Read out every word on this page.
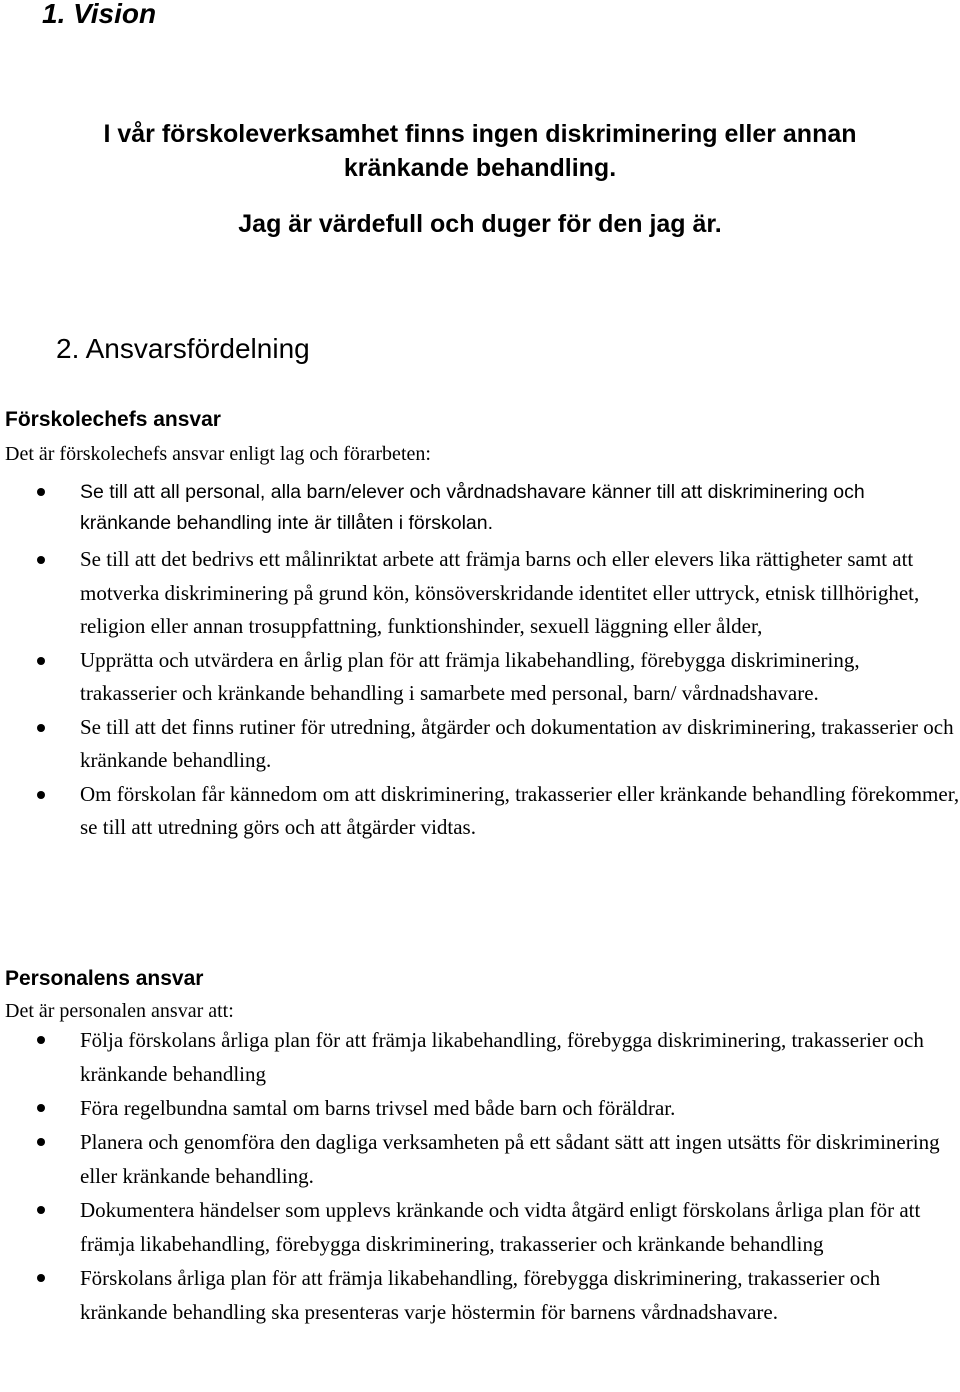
1. Vision
I vår förskoleverksamhet finns ingen diskriminering eller annan
kränkande behandling.
Jag är värdefull och duger för den jag är.
2. Ansvarsfördelning
Förskolechefs ansvar

Det är förskolechefs ansvar enligt lag och förarbeten:

Se till att all personal, alla barn/elever och vårdnadshavare känner till att diskriminering och kränkande behandling inte är tillåten i förskolan.
Se till att det bedrivs ett målinriktat arbete att främja barns och eller elevers lika rättigheter samt att motverka diskriminering på grund kön, könsöverskridande identitet eller uttryck, etnisk tillhörighet, religion eller annan trosuppfattning, funktionshinder, sexuell läggning eller ålder,
Upprätta och utvärdera en årlig plan för att främja likabehandling, förebygga diskriminering, trakasserier och kränkande behandling i samarbete med personal, barn/ vårdnadshavare.
Se till att det finns rutiner för utredning, åtgärder och dokumentation av diskriminering, trakasserier och kränkande behandling.
Om förskolan får kännedom om att diskriminering, trakasserier eller kränkande behandling förekommer, se till att utredning görs och att åtgärder vidtas.
Personalens ansvar

Det är personalen ansvar att:

Följa förskolans årliga plan för att främja likabehandling, förebygga diskriminering, trakasserier och kränkande behandling
Föra regelbundna samtal om barns trivsel med både barn och föräldrar.
Planera och genomföra den dagliga verksamheten på ett sådant sätt att ingen utsätts för diskriminering eller kränkande behandling.
Dokumentera händelser som upplevs kränkande och vidta åtgärd enligt förskolans årliga plan för att främja likabehandling, förebygga diskriminering, trakasserier och kränkande behandling
Förskolans årliga plan för att främja likabehandling, förebygga diskriminering, trakasserier och kränkande behandling ska presenteras varje höstermin för barnens vårdnadshavare.
